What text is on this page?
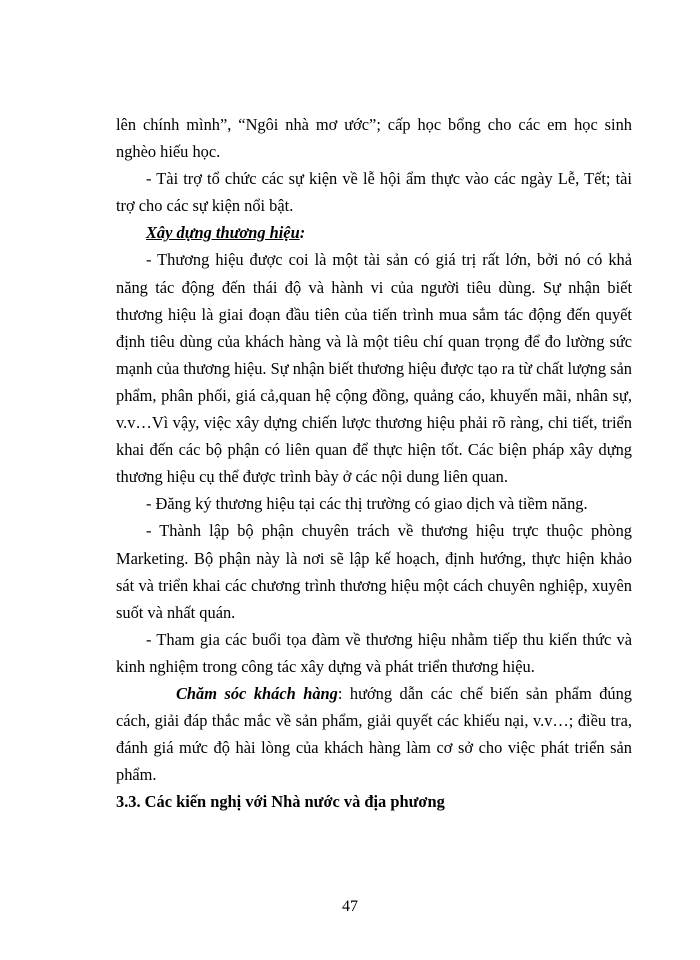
lên chính mình”, “Ngôi nhà mơ ước”; cấp học bổng cho các em học sinh nghèo hiếu học.

- Tài trợ tổ chức các sự kiện về lễ hội ẩm thực vào các ngày Lễ, Tết; tài trợ cho các sự kiện nổi bật.

Xây dựng thương hiệu:

- Thương hiệu được coi là một tài sản có giá trị rất lớn, bởi nó có khả năng tác động đến thái độ và hành vi của người tiêu dùng. Sự nhận biết thương hiệu là giai đoạn đầu tiên của tiến trình mua sắm tác động đến quyết định tiêu dùng của khách hàng và là một tiêu chí quan trọng để đo lường sức mạnh của thương hiệu. Sự nhận biết thương hiệu được tạo ra từ chất lượng sản phẩm, phân phối, giá cả,quan hệ cộng đồng, quảng cáo, khuyến mãi, nhân sự, v.v…Vì vậy, việc xây dựng chiến lược thương hiệu phải rõ ràng, chi tiết, triển khai đến các bộ phận có liên quan để thực hiện tốt. Các biện pháp xây dựng thương hiệu cụ thể được trình bày ở các nội dung liên quan.

- Đăng ký thương hiệu tại các thị trường có giao dịch và tiềm năng.

- Thành lập bộ phận chuyên trách về thương hiệu trực thuộc phòng Marketing. Bộ phận này là nơi sẽ lập kế hoạch, định hướng, thực hiện khảo sát và triển khai các chương trình thương hiệu một cách chuyên nghiệp, xuyên suốt và nhất quán.

- Tham gia các buổi tọa đàm về thương hiệu nhằm tiếp thu kiến thức và kinh nghiệm trong công tác xây dựng và phát triển thương hiệu.

Chăm sóc khách hàng: hướng dẫn các chế biến sản phẩm đúng cách, giải đáp thắc mắc về sản phẩm, giải quyết các khiếu nại, v.v…; điều tra, đánh giá mức độ hài lòng của khách hàng làm cơ sở cho việc phát triển sản phẩm.

3.3. Các kiến nghị với Nhà nước và địa phương

47
